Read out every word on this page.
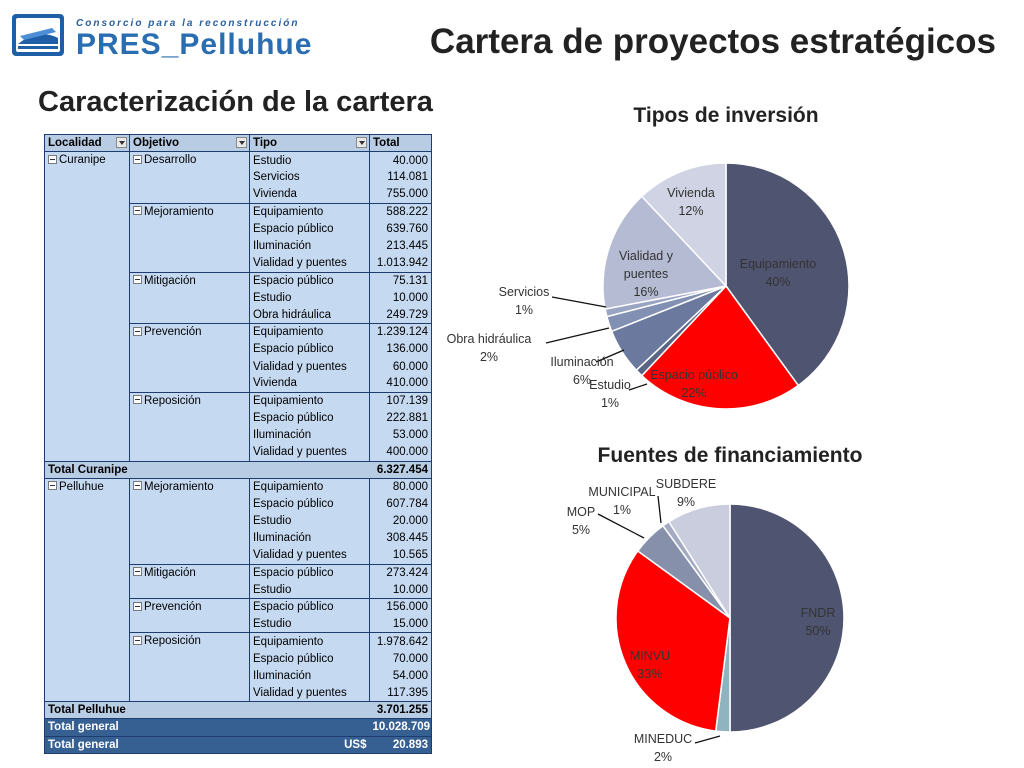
Consorcio para la reconstrucción
PRES_Pelluhue	Cartera de proyectos estratégicos
Caracterización de la cartera
Localidad	Objetivo	Tipo	Total
Curanipe	Desarrollo	Estudio	40.000
		Servicios	114.081
		Vivienda	755.000
	Mejoramiento	Equipamiento	588.222
		Espacio público	639.760
		Iluminación	213.445
		Vialidad y puentes	1.013.942
	Mitigación	Espacio público	75.131
		Estudio	10.000
		Obra hidráulica	249.729
	Prevención	Equipamiento	1.239.124
		Espacio público	136.000
		Vialidad y puentes	60.000
		Vivienda	410.000
	Reposición	Equipamiento	107.139
		Espacio público	222.881
		Iluminación	53.000
		Vialidad y puentes	400.000
Total Curanipe			6.327.454
Pelluhue	Mejoramiento	Equipamiento	80.000
		Espacio público	607.784
		Estudio	20.000
		Iluminación	308.445
		Vialidad y puentes	10.565
	Mitigación	Espacio público	273.424
		Estudio	10.000
	Prevención	Espacio público	156.000
		Estudio	15.000
	Reposición	Equipamiento	1.978.642
		Espacio público	70.000
		Iluminación	54.000
		Vialidad y puentes	117.395
Total Pelluhue			3.701.255
Total general			10.028.709
Total general US$			20.893
Tipos de inversión
Equipamiento
40%
Espacio público
22%
Estudio
1%
Iluminación
6%
Obra hidráulica
2%
Servicios
1%
Vialidad y
puentes
16%
Vivienda
12%
Fuentes de financiamiento
FNDR
50%
MINEDUC
2%
MINVU
33%
MOP
5%
MUNICIPAL
1%
SUBDERE
9%
